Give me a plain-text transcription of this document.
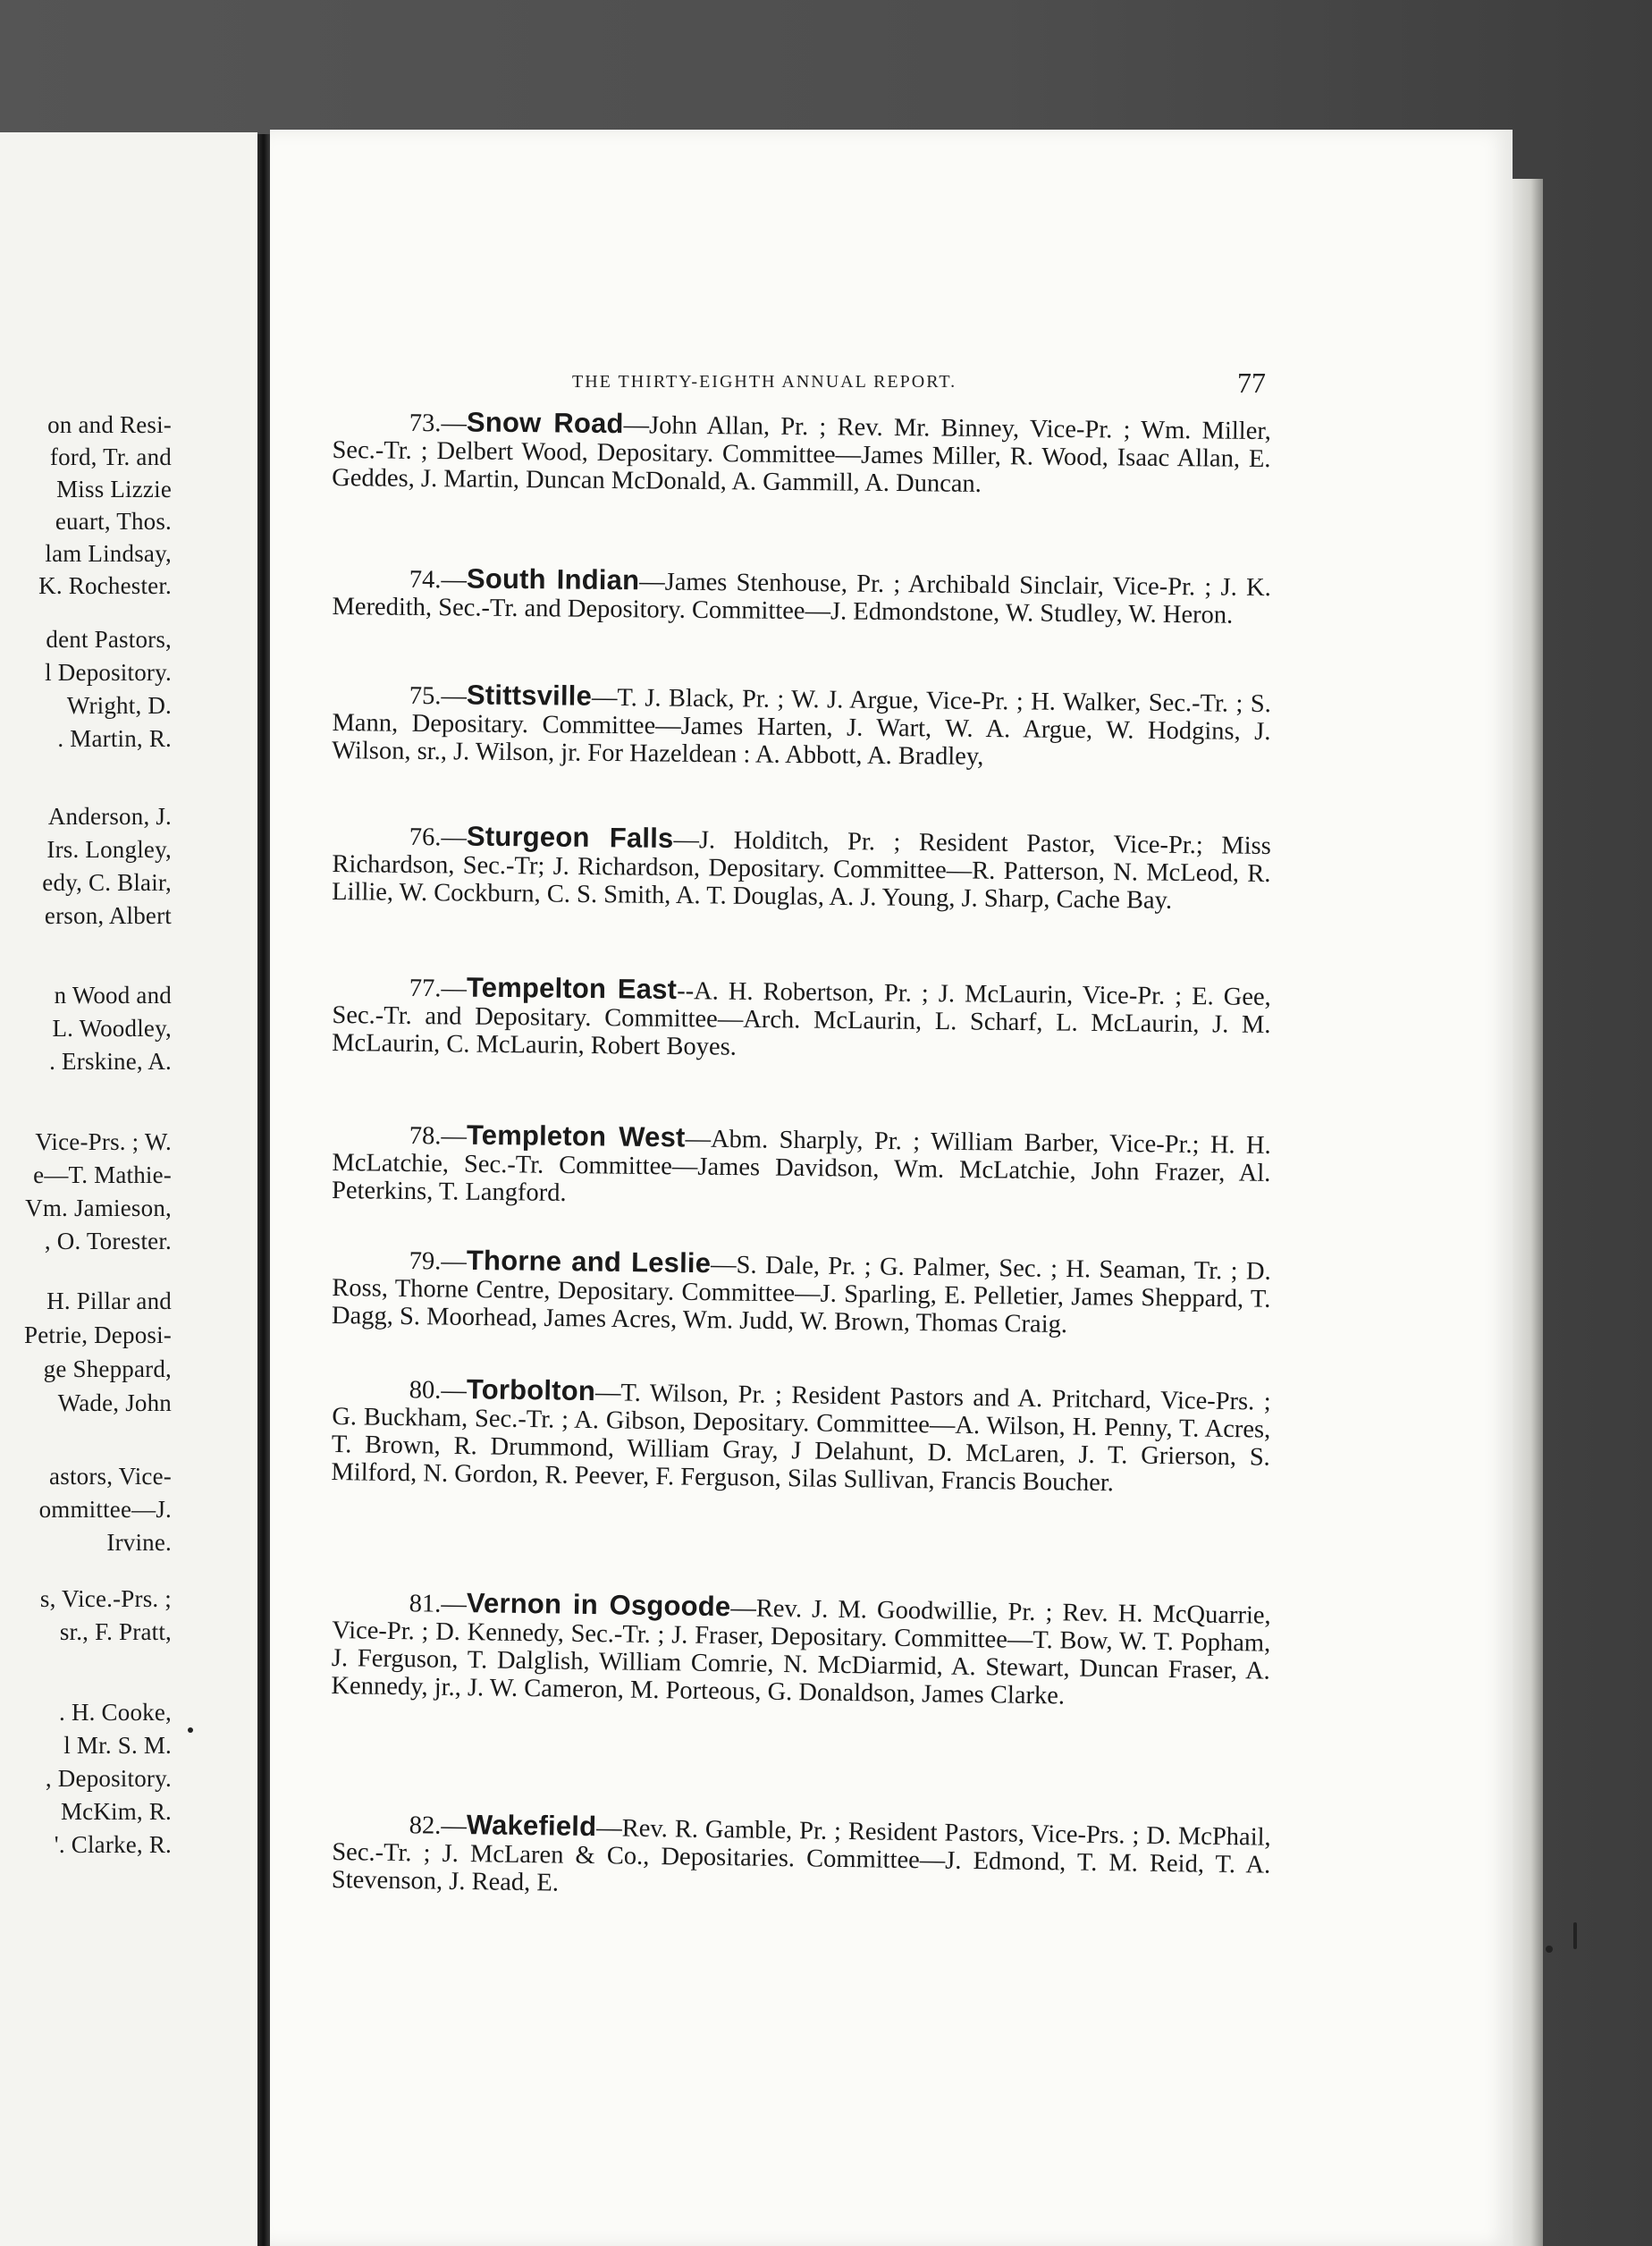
on and Resi-
ford, Tr. and
Miss Lizzie
euart, Thos.
lam Lindsay,
K. Rochester.
dent Pastors,
l Depository.
Wright, D.
. Martin, R.
Anderson, J.
Irs. Longley,
edy, C. Blair,
erson, Albert
n Wood and
L. Woodley,
. Erskine, A.
Vice-Prs. ; W.
e—T. Mathie-
Vm. Jamieson,
, O. Torester.
H. Pillar and
Petrie, Deposi-
ge Sheppard,
Wade, John
astors, Vice-
ommittee—J.
Irvine.
s, Vice.-Prs. ;
sr., F. Pratt,
. H. Cooke,
l Mr. S. M.
, Depository.
McKim, R.
'. Clarke, R.
THE THIRTY-EIGHTH ANNUAL REPORT.	77
73.—Snow Road—John Allan, Pr. ; Rev. Mr. Binney, Vice-Pr. ; Wm. Miller, Sec.-Tr. ; Delbert Wood, Depositary. Committee—James Miller, R. Wood, Isaac Allan, E. Geddes, J. Martin, Duncan McDonald, A. Gammill, A. Duncan.
74.—South Indian—James Stenhouse, Pr. ; Archibald Sinclair, Vice-Pr. ; J. K. Meredith, Sec.-Tr. and Depository. Committee—J. Edmondstone, W. Studley, W. Heron.
75.—Stittsville—T. J. Black, Pr. ; W. J. Argue, Vice-Pr. ; H. Walker, Sec.-Tr. ; S. Mann, Depositary. Committee—James Harten, J. Wart, W. A. Argue, W. Hodgins, J. Wilson, sr., J. Wilson, jr. For Hazeldean : A. Abbott, A. Bradley,
76.—Sturgeon Falls—J. Holditch, Pr. ; Resident Pastor, Vice-Pr.; Miss Richardson, Sec.-Tr; J. Richardson, Depositary. Committee—R. Patterson, N. McLeod, R. Lillie, W. Cockburn, C. S. Smith, A. T. Douglas, A. J. Young, J. Sharp, Cache Bay.
77.—Tempelton East--A. H. Robertson, Pr. ; J. McLaurin, Vice-Pr. ; E. Gee, Sec.-Tr. and Depositary. Committee—Arch. McLaurin, L. Scharf, L. McLaurin, J. M. McLaurin, C. McLaurin, Robert Boyes.
78.—Templeton West—Abm. Sharply, Pr. ; William Barber, Vice-Pr.; H. H. McLatchie, Sec.-Tr. Committee—James Davidson, Wm. McLatchie, John Frazer, Al. Peterkins, T. Langford.
79.—Thorne and Leslie—S. Dale, Pr. ; G. Palmer, Sec. ; H. Seaman, Tr. ; D. Ross, Thorne Centre, Depositary. Committee—J. Sparling, E. Pelletier, James Sheppard, T. Dagg, S. Moorhead, James Acres, Wm. Judd, W. Brown, Thomas Craig.
80.—Torbolton—T. Wilson, Pr. ; Resident Pastors and A. Pritchard, Vice-Prs. ; G. Buckham, Sec.-Tr. ; A. Gibson, Depositary. Committee—A. Wilson, H. Penny, T. Acres, T. Brown, R. Drummond, William Gray, J Delahunt, D. McLaren, J. T. Grierson, S. Milford, N. Gordon, R. Peever, F. Ferguson, Silas Sullivan, Francis Boucher.
81.—Vernon in Osgoode—Rev. J. M. Goodwillie, Pr. ; Rev. H. McQuarrie, Vice-Pr. ; D. Kennedy, Sec.-Tr. ; J. Fraser, Depositary. Committee—T. Bow, W. T. Popham, J. Ferguson, T. Dalglish, William Comrie, N. McDiarmid, A. Stewart, Duncan Fraser, A. Kennedy, jr., J. W. Cameron, M. Porteous, G. Donaldson, James Clarke.
82.—Wakefield—Rev. R. Gamble, Pr. ; Resident Pastors, Vice-Prs. ; D. McPhail, Sec.-Tr. ; J. McLaren & Co., Depositaries. Committee—J. Edmond, T. M. Reid, T. A. Stevenson, J. Read, E.
